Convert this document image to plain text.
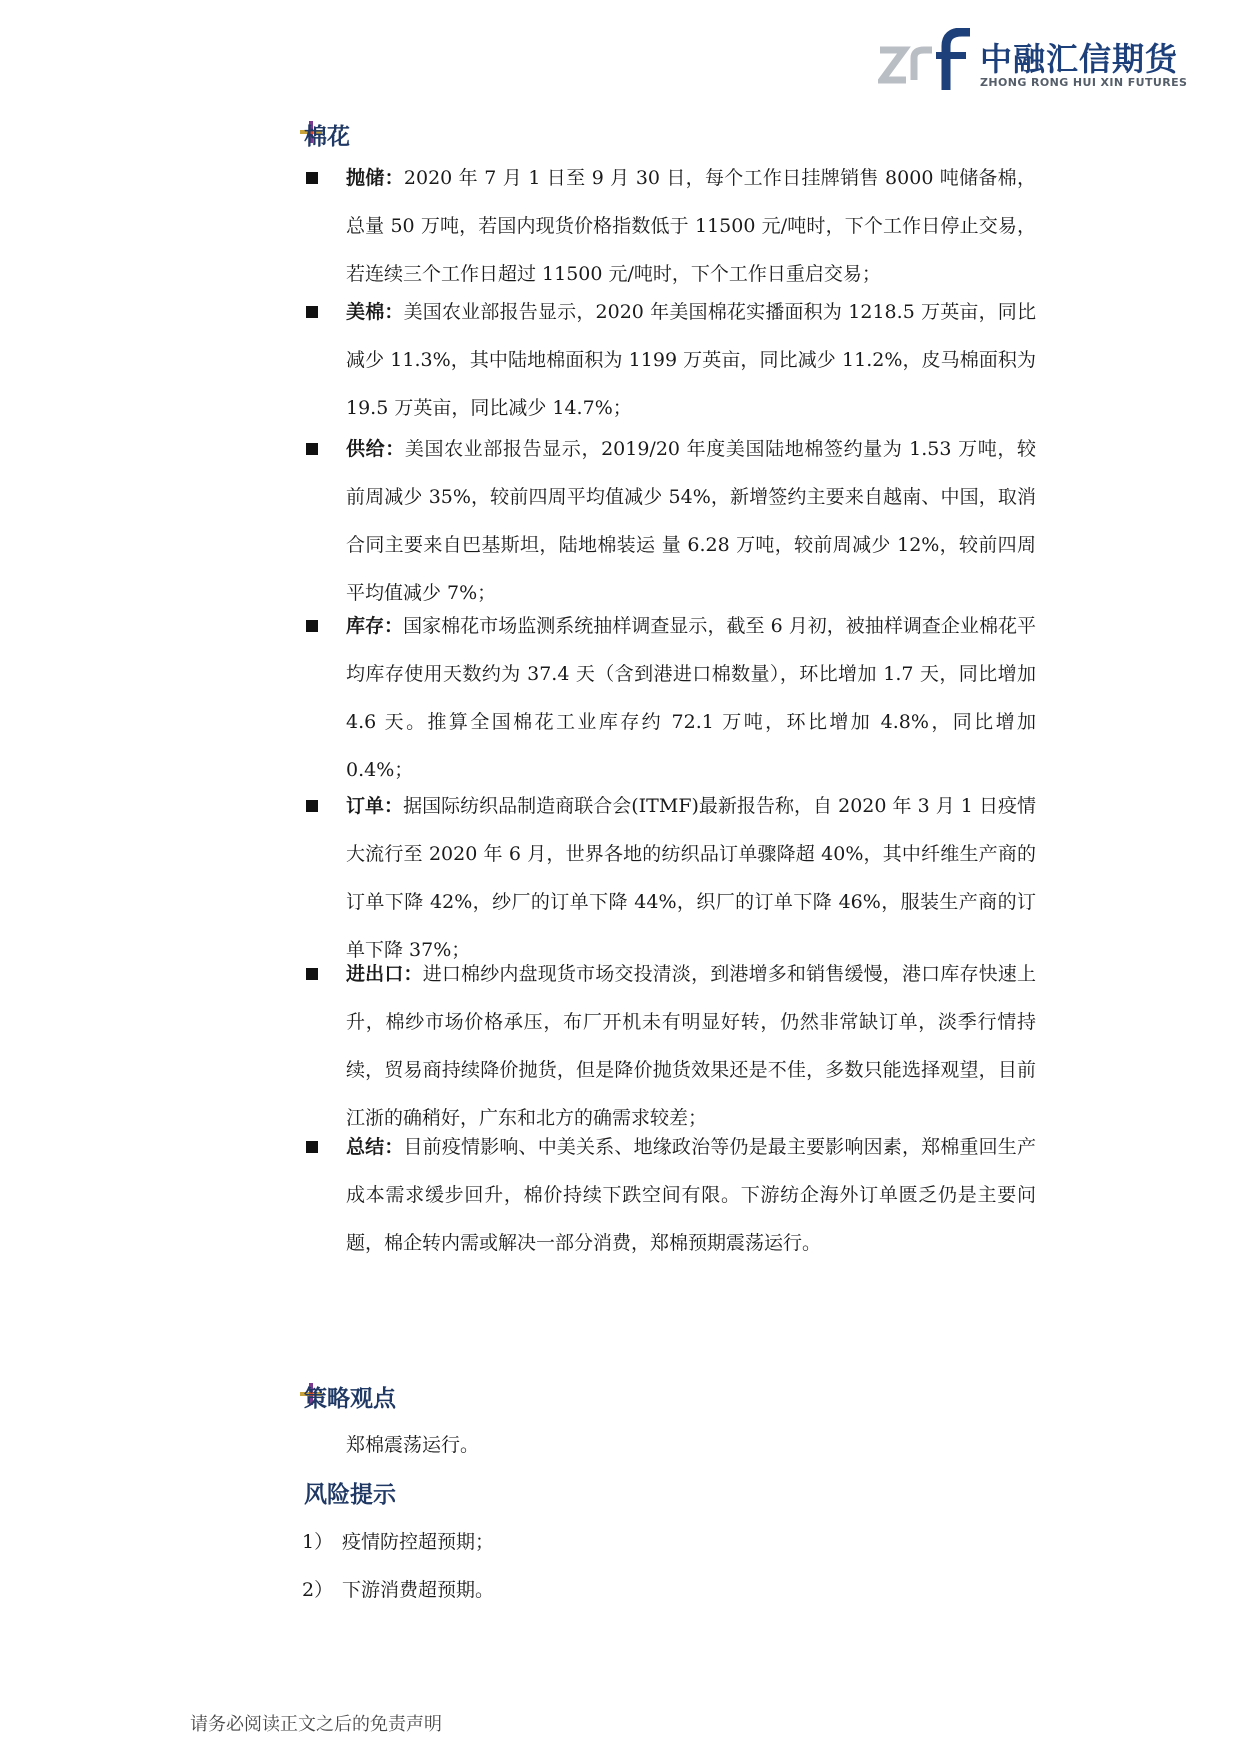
中融汇信期货
ZHONG RONG HUI XIN FUTURES
棉花
抛储：2020 年 7 月 1 日至 9 月 30 日，每个工作日挂牌销售 8000 吨储备棉，总量 50 万吨，若国内现货价格指数低于 11500 元/吨时，下个工作日停止交易，若连续三个工作日超过 11500 元/吨时，下个工作日重启交易；
美棉：美国农业部报告显示，2020 年美国棉花实播面积为 1218.5 万英亩，同比减少 11.3%，其中陆地棉面积为 1199 万英亩，同比减少 11.2%，皮马棉面积为 19.5 万英亩，同比减少 14.7%；
供给：美国农业部报告显示，2019/20 年度美国陆地棉签约量为 1.53 万吨，较前周减少 35%，较前四周平均值减少 54%，新增签约主要来自越南、中国，取消合同主要来自巴基斯坦，陆地棉装运 量 6.28 万吨，较前周减少 12%，较前四周平均值减少 7%；
库存：国家棉花市场监测系统抽样调查显示，截至 6 月初，被抽样调查企业棉花平均库存使用天数约为 37.4 天（含到港进口棉数量），环比增加 1.7 天，同比增加 4.6 天。推算全国棉花工业库存约 72.1 万吨，环比增加 4.8%，同比增加 0.4%；
订单：据国际纺织品制造商联合会(ITMF)最新报告称，自 2020 年 3 月 1 日疫情大流行至 2020 年 6 月，世界各地的纺织品订单骤降超 40%，其中纤维生产商的订单下降 42%，纱厂的订单下降 44%，织厂的订单下降 46%，服装生产商的订单下降 37%；
进出口：进口棉纱内盘现货市场交投清淡，到港增多和销售缓慢，港口库存快速上升，棉纱市场价格承压，布厂开机未有明显好转，仍然非常缺订单，淡季行情持续，贸易商持续降价抛货，但是降价抛货效果还是不佳，多数只能选择观望，目前江浙的确稍好，广东和北方的确需求较差；
总结：目前疫情影响、中美关系、地缘政治等仍是最主要影响因素，郑棉重回生产成本需求缓步回升，棉价持续下跌空间有限。下游纺企海外订单匮乏仍是主要问题，棉企转内需或解决一部分消费，郑棉预期震荡运行。
策略观点
郑棉震荡运行。
风险提示
1） 疫情防控超预期；
2） 下游消费超预期。
请务必阅读正文之后的免责声明
